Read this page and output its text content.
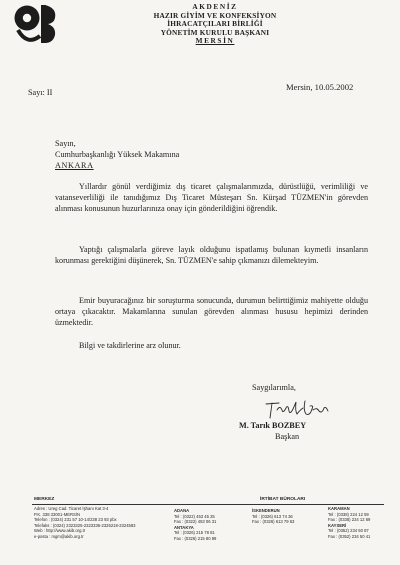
AKDENİZ
HAZIR GİYİM VE KONFEKSİYON
İHRACATÇILARI BİRLİĞİ
YÖNETİM KURULU BAŞKANI
MERSİN
Mersin, 10.05.2002
Sayı: II
Sayın,
Cumhurbaşkanlığı Yüksek Makamına
ANKARA

Yıllardır gönül verdiğimiz dış ticaret çalışmalarımızda, dürüstlüğü, verimliliği ve vatanseverliliği ile tanıdığımız Dış Ticaret Müsteşarı Sn. Kürşad TÜZMEN'in görevden alınması konusunun huzurlarınıza onay için gönderildiğini öğrendik.

Yaptığı çalışmalarla göreve layık olduğunu ispatlamış bulunan kıymetli insanların korunması gerektiğini düşünerek, Sn. TÜZMEN'e sahip çıkmanızı dilemekteyim.

Emir buyuracağınız bir soruşturma sonucunda, durumun belirttiğimiz mahiyette olduğu ortaya çıkacaktır. Makamlarına sunulan görevden alınması hususu hepimizi derinden üzmektedir.

Bilgi ve takdirlerine arz olunur.

Saygılarımla,
M. Tarık BOZBEY
Başkan
MERKEZ	İRTİBAT BÜROLARI
Adres : Ureg Cad. Ticaret İşhanı Kat 3-4
P.K. 338 33001-MERSİN
Telefon : (0324) 231 57 10-14/238 23 93 pbx
Telefaks : (0324) 2323325-2323336-2326218-2324583
Web : http://www.akib.org.tr
e-posta : mgm@akib.org.tr
ADANA
Tel : (0322) 453 45 25
Fax : (0322) 453 06 31
ANTAKYA
Tel : (0326) 215 78 81
Fax : (0326) 215 80 89
İSKENDERUN
Tel : (0326) 613 74 36
Fax : (0326) 613 79 63
KARAMAN
Tel : (0338) 224 12 59
Fax : (0338) 224 12 69
KAYSERİ
Tel : (0352) 234 50 87
Fax : (0352) 234 50 41
